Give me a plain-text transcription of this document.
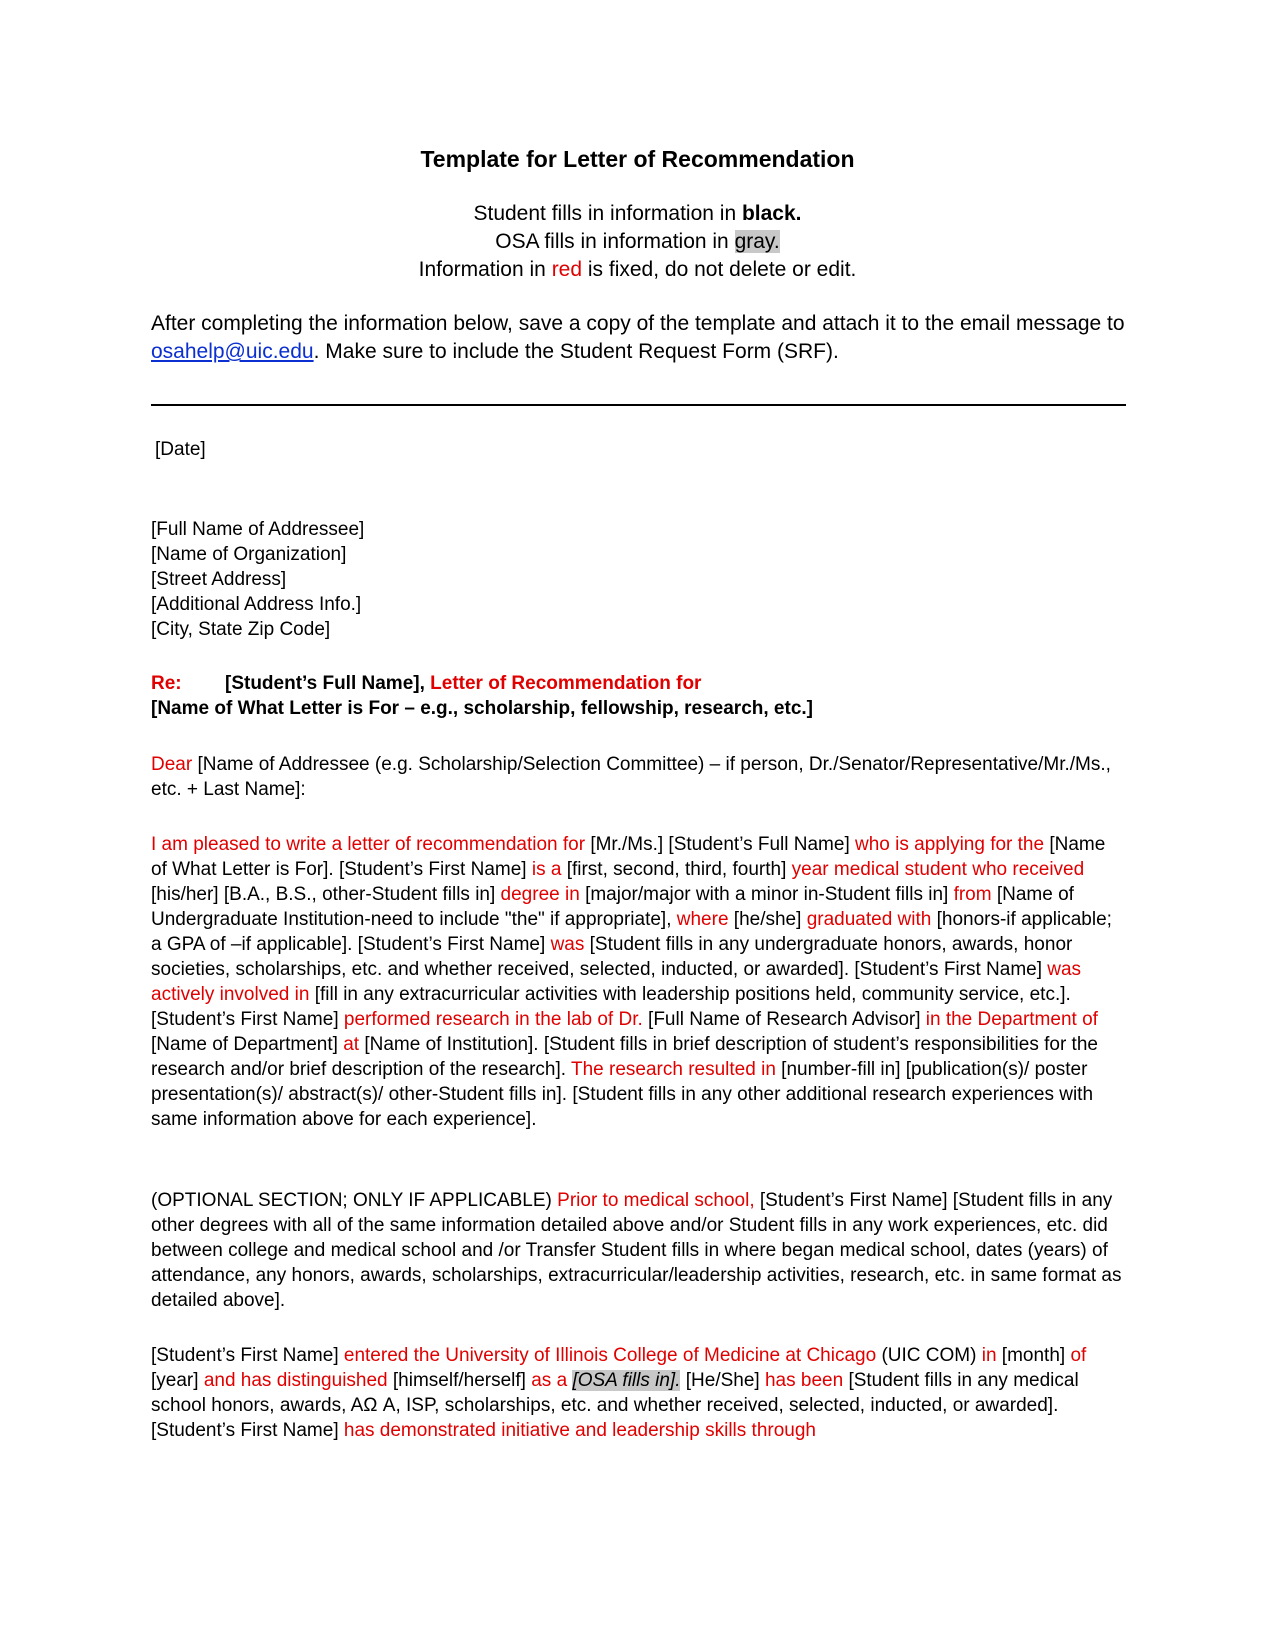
Template for Letter of Recommendation
Student fills in information in black.
OSA fills in information in gray.
Information in red is fixed, do not delete or edit.

After completing the information below, save a copy of the template and attach it to the email message to osahelp@uic.edu. Make sure to include the Student Request Form (SRF).

[Date]
[Full Name of Addressee]
[Name of Organization]
[Street Address]
[Additional Address Info.]
[City, State Zip Code]
Re: [Student’s Full Name], Letter of Recommendation for
[Name of What Letter is For – e.g., scholarship, fellowship, research, etc.]
Dear [Name of Addressee (e.g. Scholarship/Selection Committee) – if person, Dr./Senator/Representative/Mr./Ms., etc. + Last Name]:
I am pleased to write a letter of recommendation for [Mr./Ms.] [Student’s Full Name] who is applying for the [Name of What Letter is For]. [Student’s First Name] is a [first, second, third, fourth] year medical student who received [his/her] [B.A., B.S., other-Student fills in] degree in [major/major with a minor in-Student fills in] from [Name of Undergraduate Institution-need to include "the" if appropriate], where [he/she] graduated with [honors-if applicable; a GPA of –if applicable]. [Student’s First Name] was [Student fills in any undergraduate honors, awards, honor societies, scholarships, etc. and whether received, selected, inducted, or awarded]. [Student’s First Name] was actively involved in [fill in any extracurricular activities with leadership positions held, community service, etc.]. [Student’s First Name] performed research in the lab of Dr. [Full Name of Research Advisor] in the Department of [Name of Department] at [Name of Institution]. [Student fills in brief description of student’s responsibilities for the research and/or brief description of the research]. The research resulted in [number-fill in] [publication(s)/ poster presentation(s)/ abstract(s)/ other-Student fills in]. [Student fills in any other additional research experiences with same information above for each experience].
(OPTIONAL SECTION; ONLY IF APPLICABLE) Prior to medical school, [Student’s First Name] [Student fills in any other degrees with all of the same information detailed above and/or Student fills in any work experiences, etc. did between college and medical school and /or Transfer Student fills in where began medical school, dates (years) of attendance, any honors, awards, scholarships, extracurricular/leadership activities, research, etc. in same format as detailed above].
[Student’s First Name] entered the University of Illinois College of Medicine at Chicago (UIC COM) in [month] of [year] and has distinguished [himself/herself] as a [OSA fills in]. [He/She] has been [Student fills in any medical school honors, awards, AΩ A, ISP, scholarships, etc. and whether received, selected, inducted, or awarded]. [Student’s First Name] has demonstrated initiative and leadership skills through
